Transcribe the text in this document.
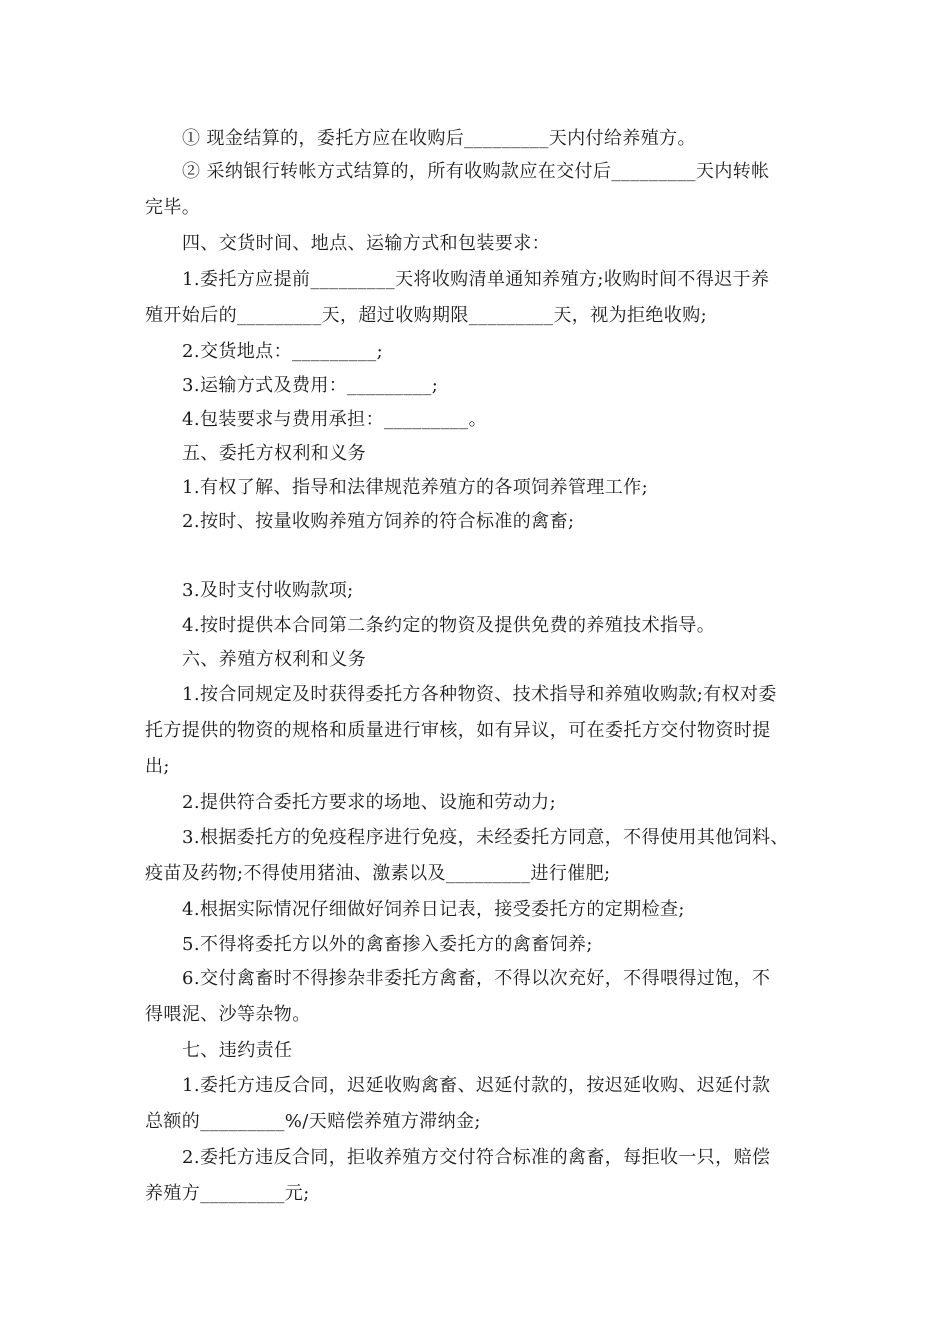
① 现金结算的，委托方应在收购后_________天内付给养殖方。
② 采纳银行转帐方式结算的，所有收购款应在交付后_________天内转帐
完毕。
四、交货时间、地点、运输方式和包装要求：
1.委托方应提前_________天将收购清单通知养殖方;收购时间不得迟于养
殖开始后的_________天，超过收购期限_________天，视为拒绝收购;
2.交货地点：_________;
3.运输方式及费用：_________;
4.包装要求与费用承担：_________。
五、委托方权利和义务
1.有权了解、指导和法律规范养殖方的各项饲养管理工作;
2.按时、按量收购养殖方饲养的符合标准的禽畜;
3.及时支付收购款项;
4.按时提供本合同第二条约定的物资及提供免费的养殖技术指导。
六、养殖方权利和义务
1.按合同规定及时获得委托方各种物资、技术指导和养殖收购款;有权对委
托方提供的物资的规格和质量进行审核，如有异议，可在委托方交付物资时提
出;
2.提供符合委托方要求的场地、设施和劳动力;
3.根据委托方的免疫程序进行免疫，未经委托方同意，不得使用其他饲料、
疫苗及药物;不得使用猪油、激素以及_________进行催肥;
4.根据实际情况仔细做好饲养日记表，接受委托方的定期检查;
5.不得将委托方以外的禽畜掺入委托方的禽畜饲养;
6.交付禽畜时不得掺杂非委托方禽畜，不得以次充好，不得喂得过饱，不
得喂泥、沙等杂物。
七、违约责任
1.委托方违反合同，迟延收购禽畜、迟延付款的，按迟延收购、迟延付款
总额的_________%/天赔偿养殖方滞纳金;
2.委托方违反合同，拒收养殖方交付符合标准的禽畜，每拒收一只，赔偿
养殖方_________元;
